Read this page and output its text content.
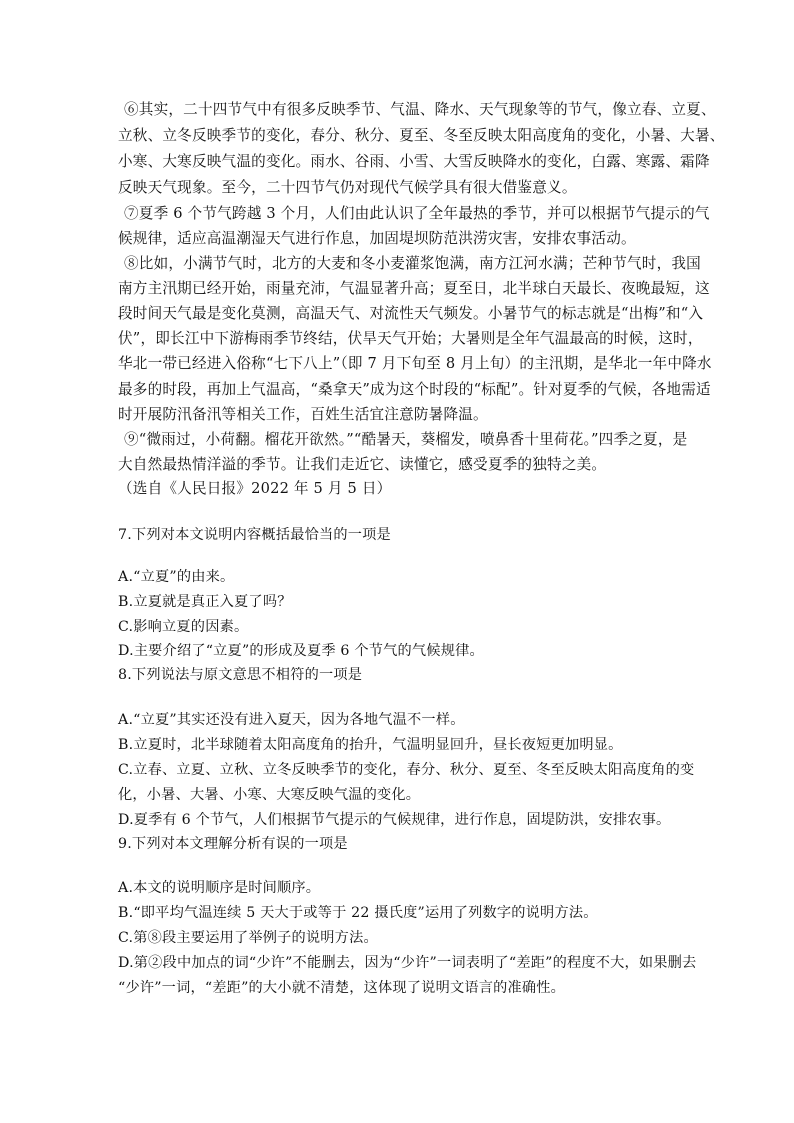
⑥其实，二十四节气中有很多反映季节、气温、降水、天气现象等的节气，像立春、立夏、
立秋、立冬反映季节的变化，春分、秋分、夏至、冬至反映太阳高度角的变化，小暑、大暑、
小寒、大寒反映气温的变化。雨水、谷雨、小雪、大雪反映降水的变化，白露、寒露、霜降
反映天气现象。至今，二十四节气仍对现代气候学具有很大借鉴意义。
⑦夏季 6 个节气跨越 3 个月，人们由此认识了全年最热的季节，并可以根据节气提示的气
候规律，适应高温潮湿天气进行作息，加固堤坝防范洪涝灾害，安排农事活动。
⑧比如，小满节气时，北方的大麦和冬小麦灌浆饱满，南方江河水满；芒种节气时，我国
南方主汛期已经开始，雨量充沛，气温显著升高；夏至日，北半球白天最长、夜晚最短，这
段时间天气最是变化莫测，高温天气、对流性天气频发。小暑节气的标志就是“出梅”和“入
伏”，即长江中下游梅雨季节终结，伏旱天气开始；大暑则是全年气温最高的时候，这时，
华北一带已经进入俗称“七下八上”（即 7 月下旬至 8 月上旬）的主汛期，是华北一年中降水
最多的时段，再加上气温高，“桑拿天”成为这个时段的“标配”。针对夏季的气候，各地需适
时开展防汛备汛等相关工作，百姓生活宜注意防暑降温。
⑨“微雨过，小荷翻。榴花开欲然。”“酷暑天，葵榴发，喷鼻香十里荷花。”四季之夏，是
大自然最热情洋溢的季节。让我们走近它、读懂它，感受夏季的独特之美。
（选自《人民日报》2022 年 5 月 5 日）
7.下列对本文说明内容概括最恰当的一项是
A.“立夏”的由来。
B.立夏就是真正入夏了吗？
C.影响立夏的因素。
D.主要介绍了“立夏”的形成及夏季 6 个节气的气候规律。
8.下列说法与原文意思不相符的一项是
A.“立夏”其实还没有进入夏天，因为各地气温不一样。
B.立夏时，北半球随着太阳高度角的抬升，气温明显回升，昼长夜短更加明显。
C.立春、立夏、立秋、立冬反映季节的变化，春分、秋分、夏至、冬至反映太阳高度角的变
化，小暑、大暑、小寒、大寒反映气温的变化。
D.夏季有 6 个节气，人们根据节气提示的气候规律，进行作息，固堤防洪，安排农事。
9.下列对本文理解分析有误的一项是
A.本文的说明顺序是时间顺序。
B.“即平均气温连续 5 天大于或等于 22 摄氏度”运用了列数字的说明方法。
C.第⑧段主要运用了举例子的说明方法。
D.第②段中加点的词“少许”不能删去，因为“少许”一词表明了“差距”的程度不大，如果删去
“少许”一词，“差距”的大小就不清楚，这体现了说明文语言的准确性。
